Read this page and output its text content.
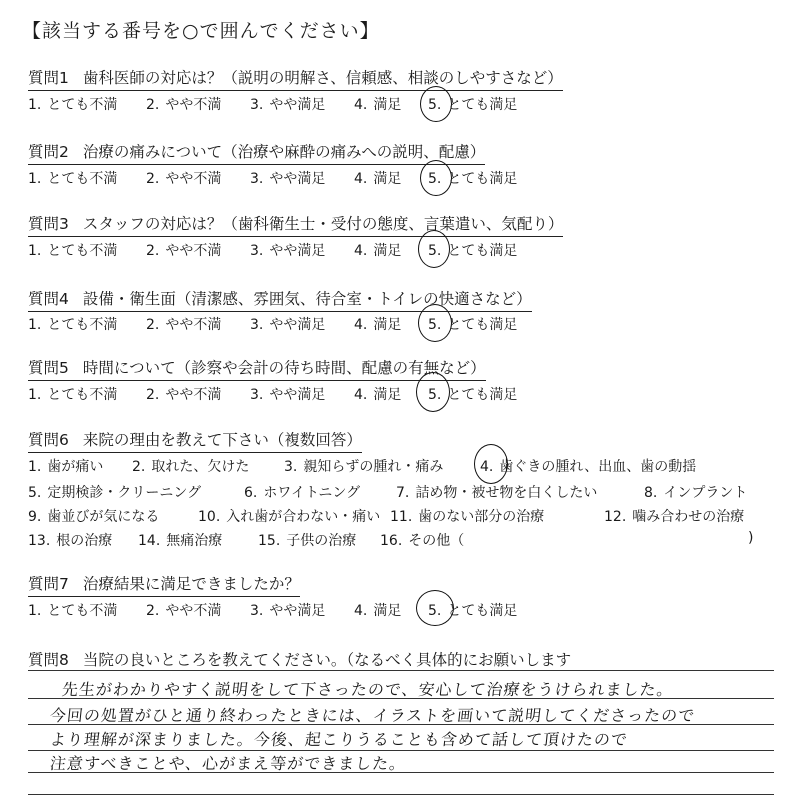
【該当する番号を○で囲んでください】
質問1 歯科医師の対応は？（説明の明解さ、信頼感、相談のしやすさなど）
1. とても不満 2. やや不満 3. やや満足 4. 満足 5. とても満足
質問2 治療の痛みについて（治療や麻酔の痛みへの説明、配慮）
1. とても不満 2. やや不満 3. やや満足 4. 満足 5. とても満足
質問3 スタッフの対応は？（歯科衛生士・受付の態度、言葉遣い、気配り）
1. とても不満 2. やや不満 3. やや満足 4. 満足 5. とても満足
質問4 設備・衛生面（清潔感、雰囲気、待合室・トイレの快適さなど）
1. とても不満 2. やや不満 3. やや満足 4. 満足 5. とても満足
質問5 時間について（診察や会計の待ち時間、配慮の有無など）
1. とても不満 2. やや不満 3. やや満足 4. 満足 5. とても満足
質問6 来院の理由を教えて下さい（複数回答）
1. 歯が痛い 2. 取れた、欠けた 3. 親知らずの腫れ・痛み	4. 歯ぐきの腫れ、出血、歯の動揺
5. 定期検診・クリーニング	6. ホワイトニング	7. 詰め物・被せ物を白くしたい	8. インプラント
9. 歯並びが気になる	10. 入れ歯が合わない・痛い 11. 歯のない部分の治療	12. 噛み合わせの治療
13. 根の治療 14. 無痛治療	15. 子供の治療 16. その他（	)
質問7 治療結果に満足できましたか？
1. とても不満 2. やや不満 3. やや満足 4. 満足 5. とても満足
質問8 当院の良いところを教えてください。（なるべく具体的にお願いします
先生がわかりやすく説明をして下さったので、安心して治療をうけられました。
今回の処置がひと通り終わったときには、イラストを画いて説明してくださったので
より理解が深まりました。今後、起こりうることも含めて話して頂けたので
注意すべきことや、心がまえ等ができました。
